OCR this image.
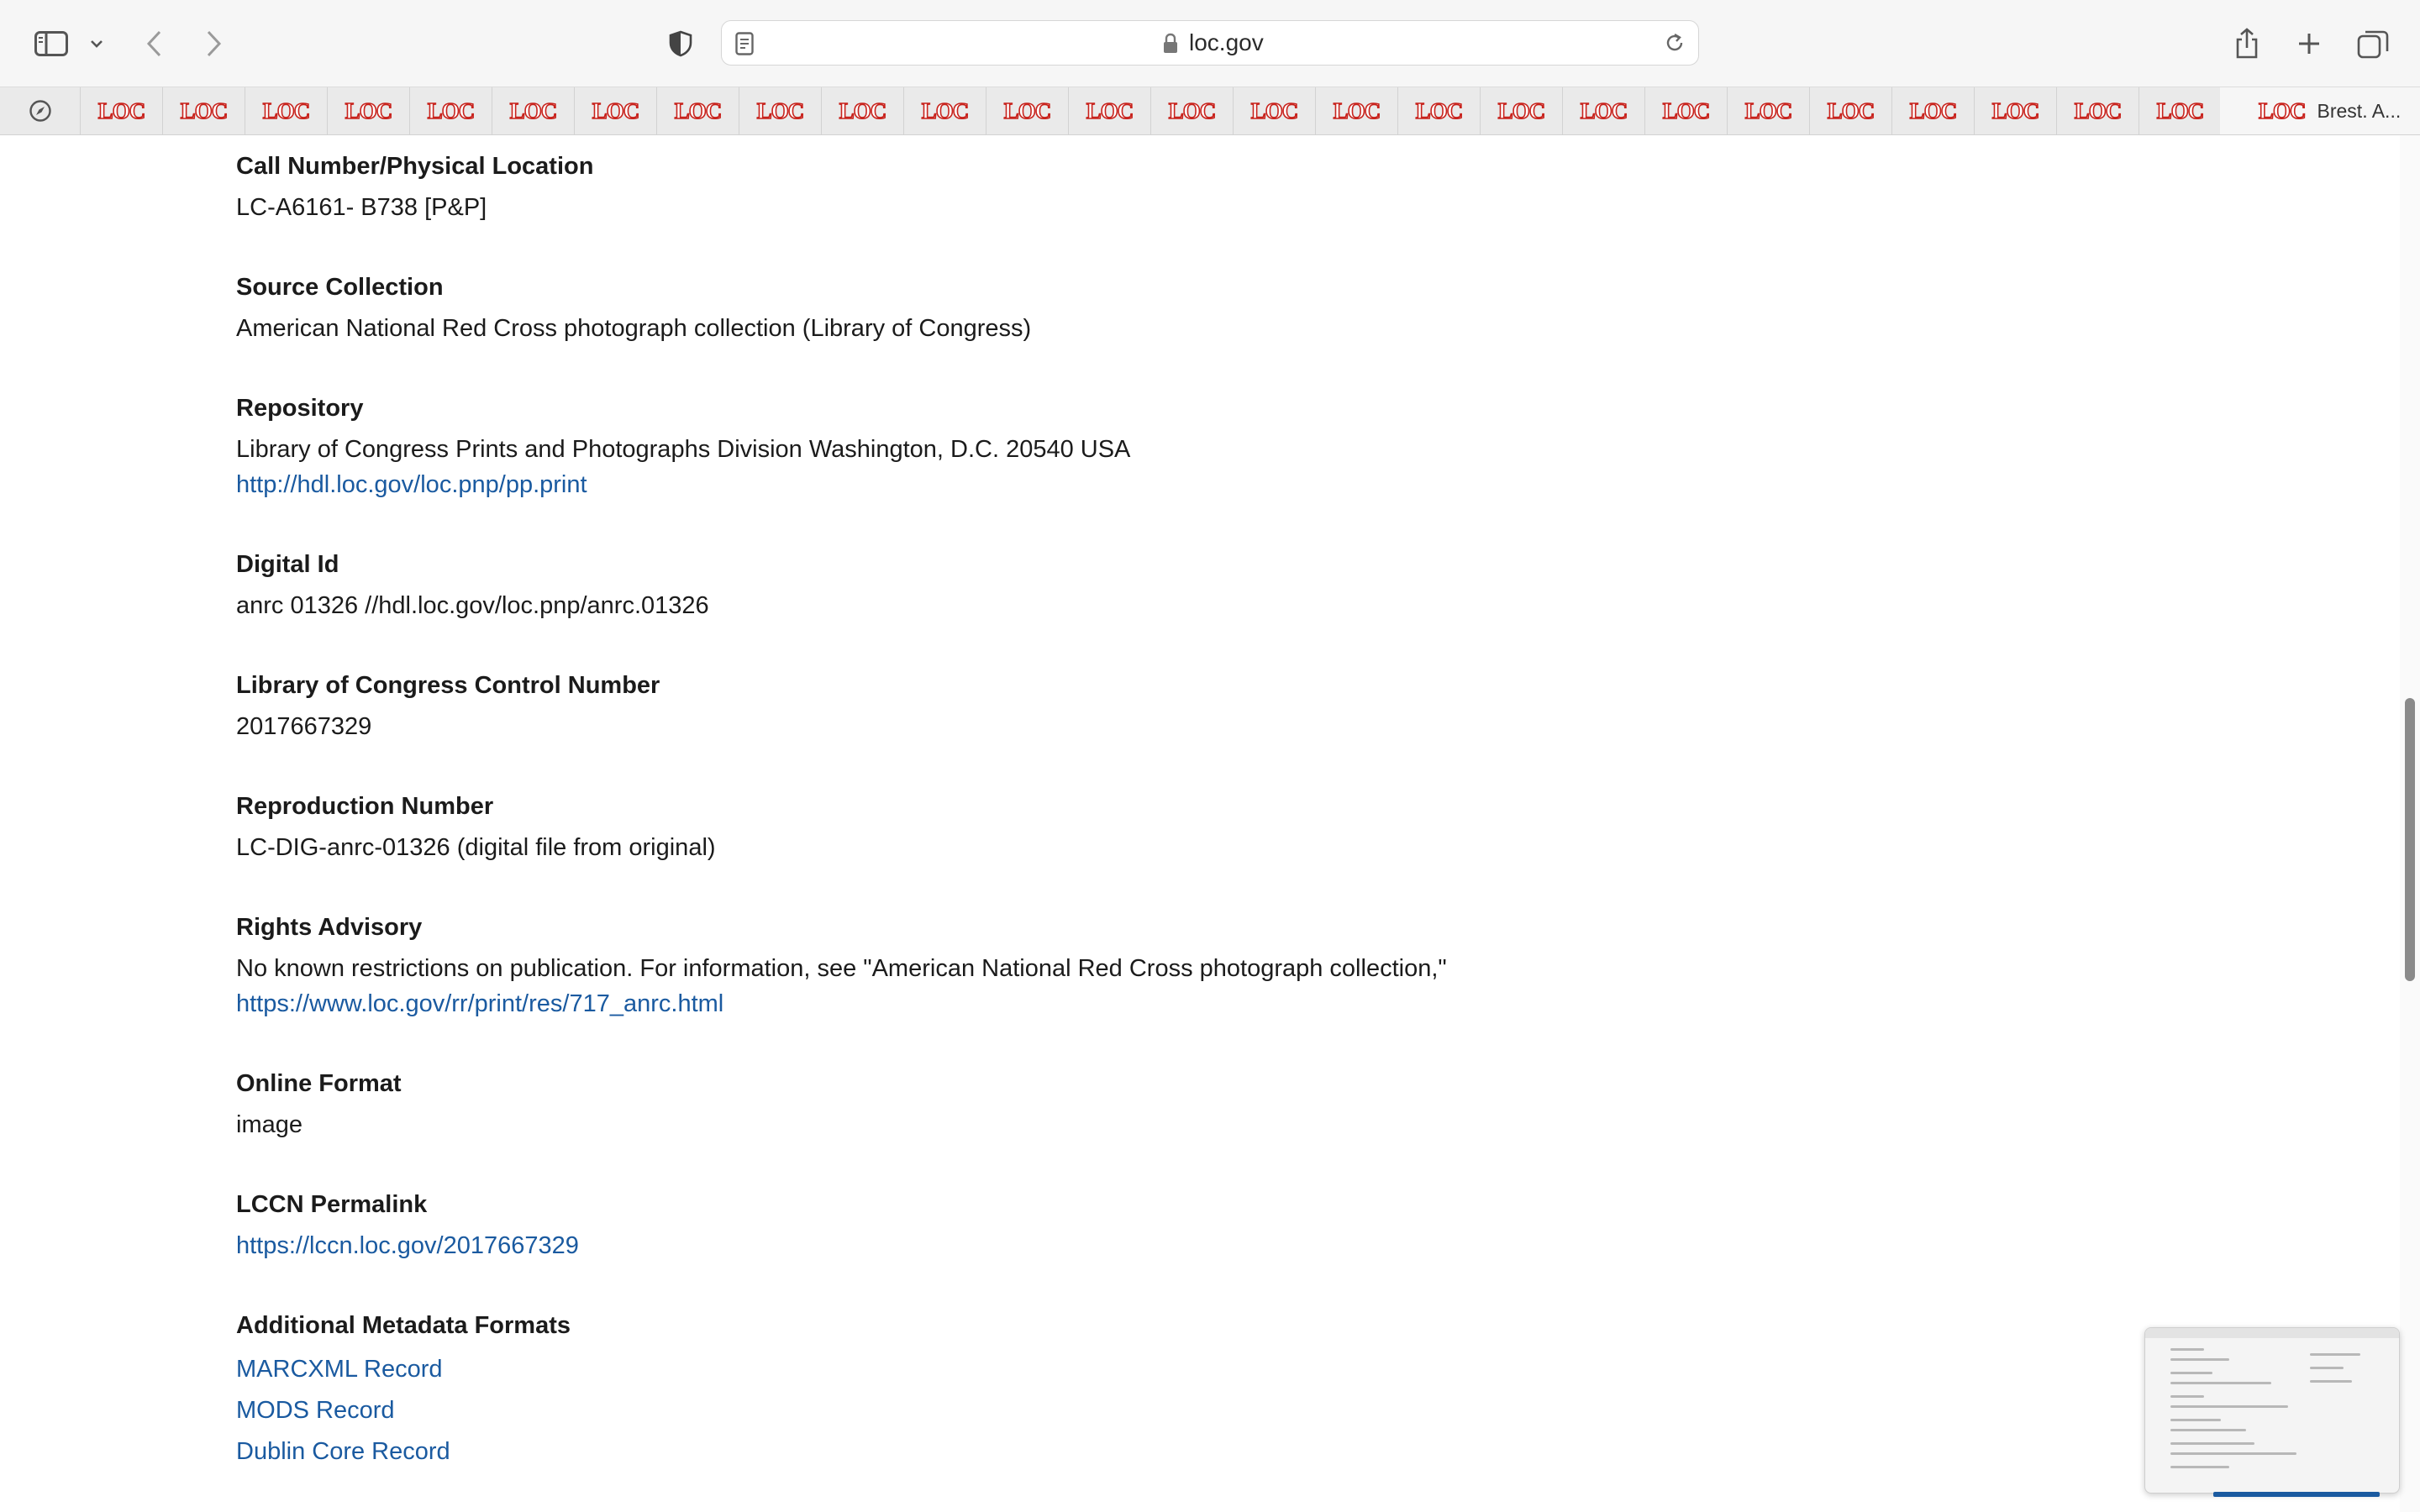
loc.gov
LOC LOC LOC LOC LOC LOC LOC LOC LOC LOC LOC LOC LOC LOC LOC LOC LOC LOC LOC LOC LOC LOC LOC LOC LOC LOC LOC Brest. A...
Call Number/Physical Location
LC-A6161- B738 [P&P]
Source Collection
American National Red Cross photograph collection (Library of Congress)
Repository
Library of Congress Prints and Photographs Division Washington, D.C. 20540 USA
http://hdl.loc.gov/loc.pnp/pp.print
Digital Id
anrc 01326 //hdl.loc.gov/loc.pnp/anrc.01326
Library of Congress Control Number
2017667329
Reproduction Number
LC-DIG-anrc-01326 (digital file from original)
Rights Advisory
No known restrictions on publication. For information, see "American National Red Cross photograph collection,"
https://www.loc.gov/rr/print/res/717_anrc.html
Online Format
image
LCCN Permalink
https://lccn.loc.gov/2017667329
Additional Metadata Formats
MARCXML Record
MODS Record
Dublin Core Record
